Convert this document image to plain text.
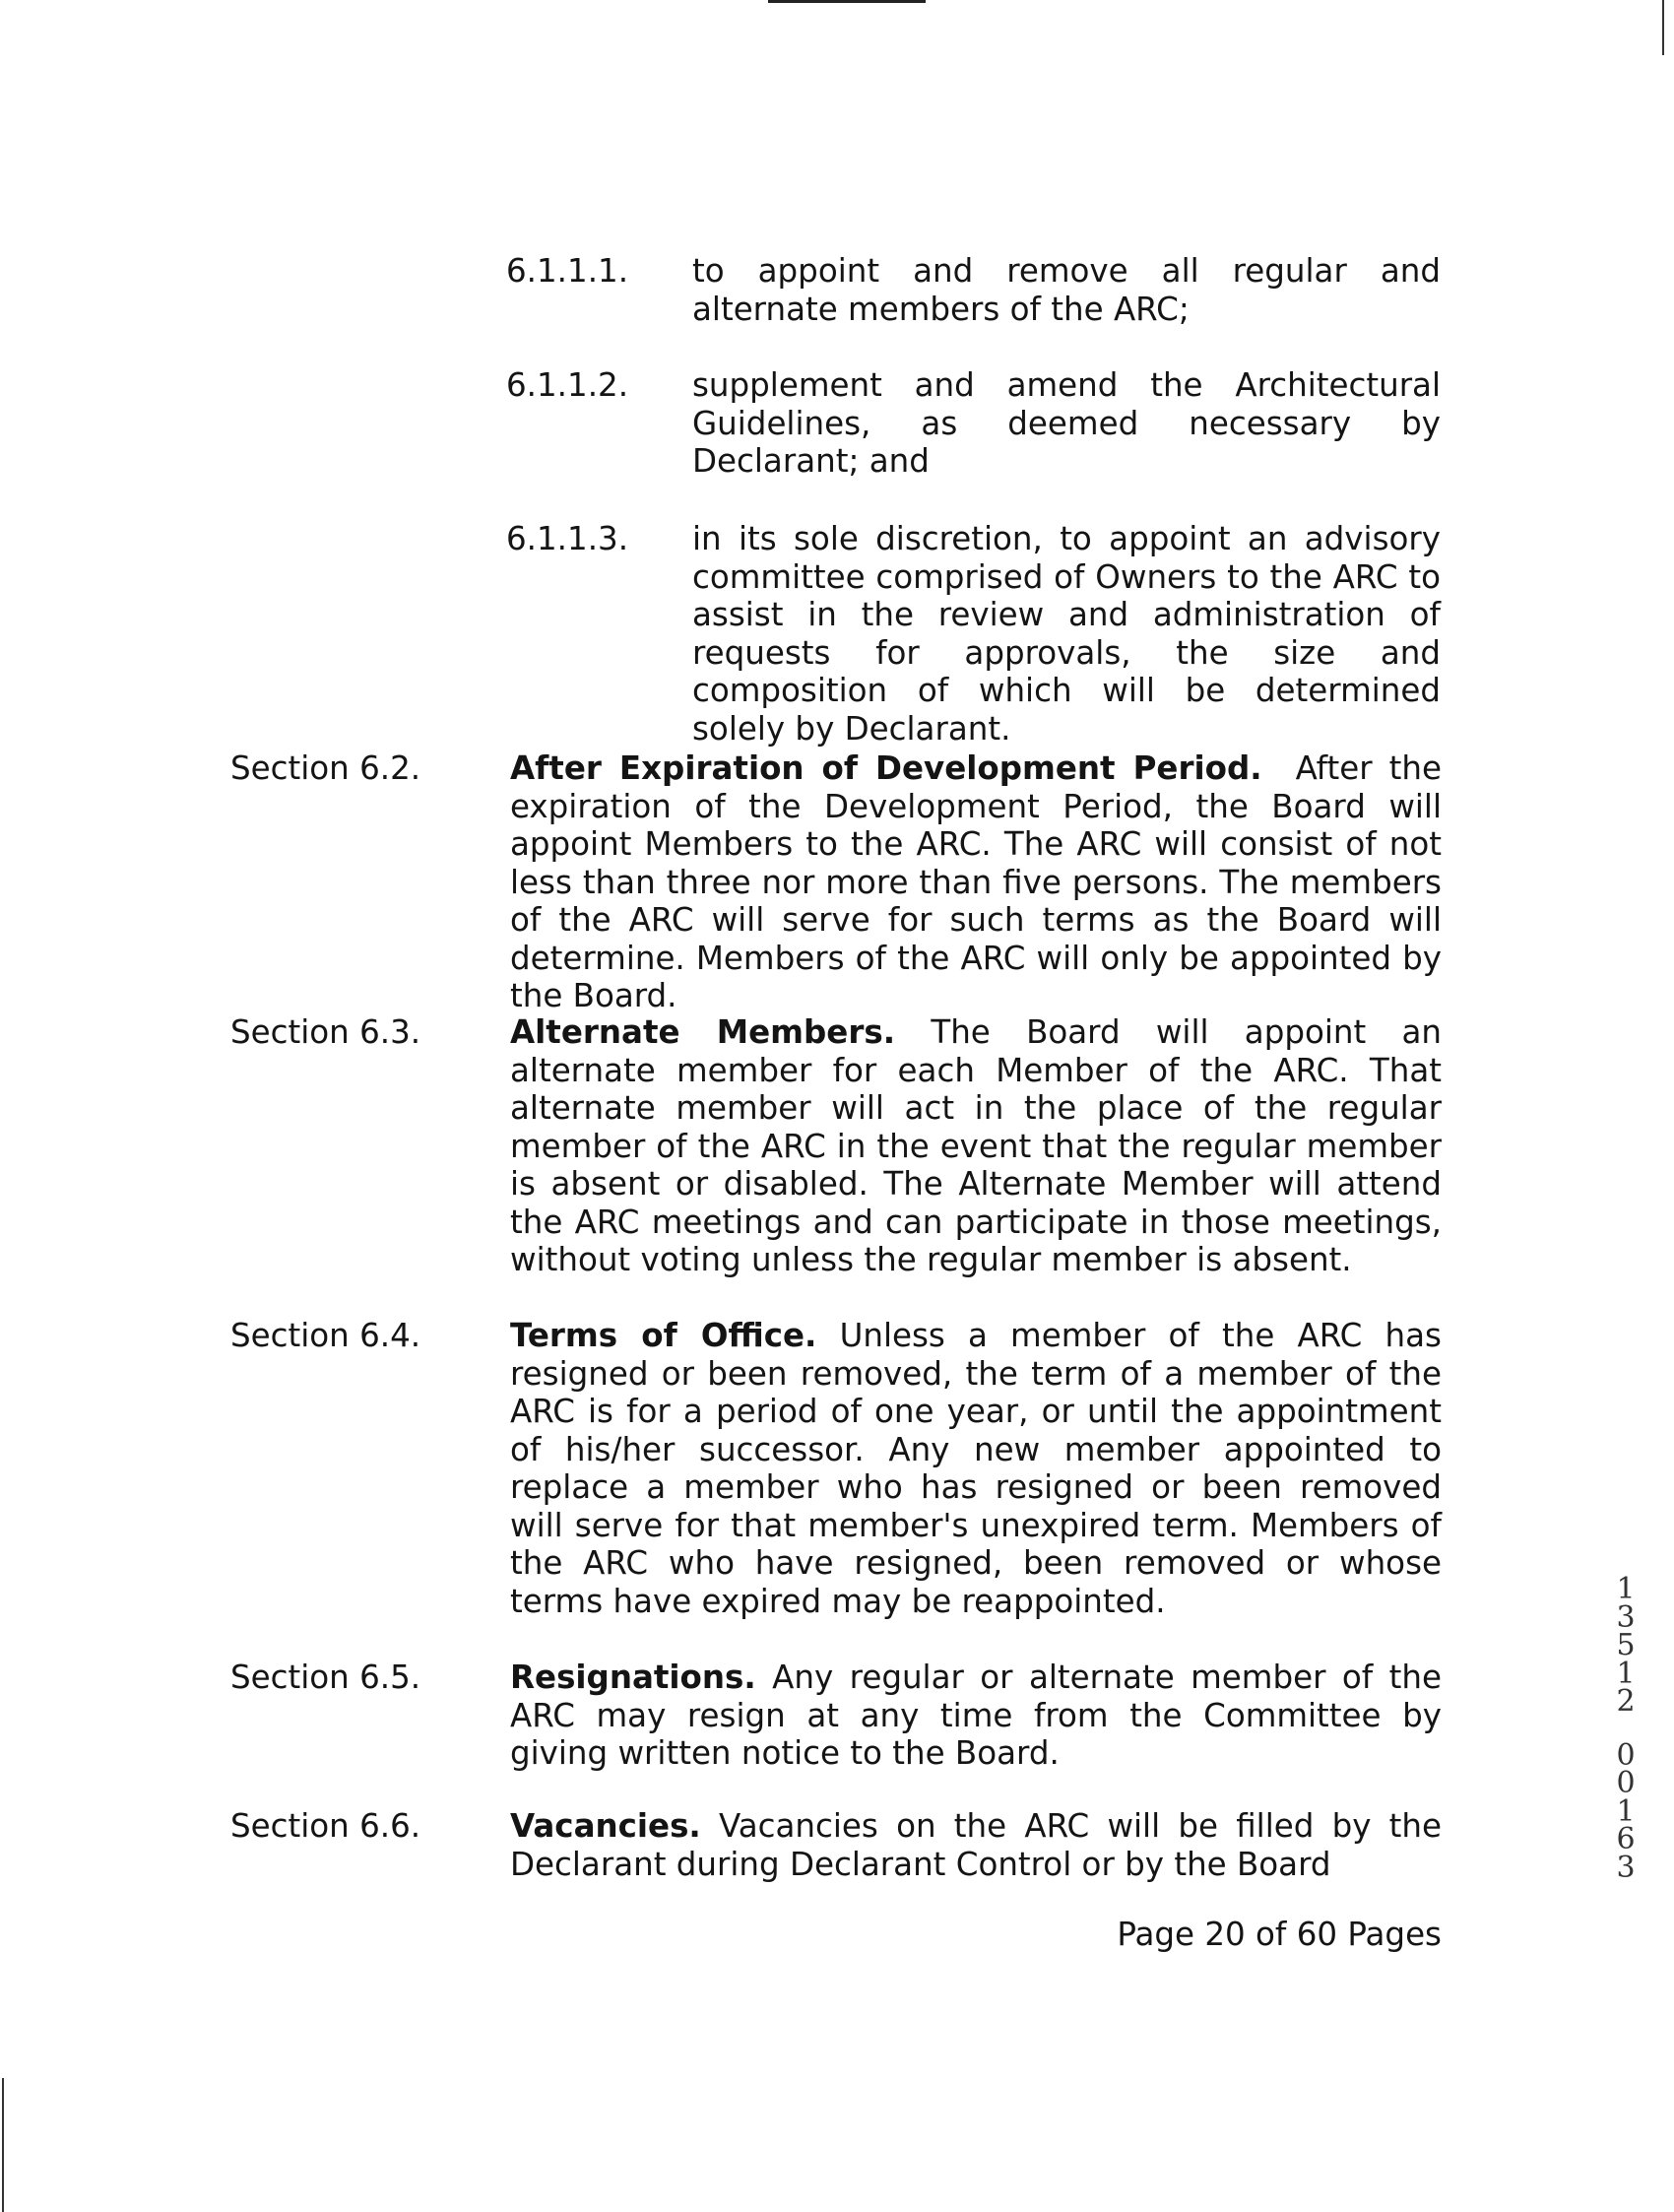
6.1.1.1.	to appoint and remove all regular and alternate members of the ARC;
6.1.1.2.	supplement and amend the Architectural Guidelines, as deemed necessary by Declarant; and
6.1.1.3.	in its sole discretion, to appoint an advisory committee comprised of Owners to the ARC to assist in the review and administration of requests for approvals, the size and composition of which will be determined solely by Declarant.
Section 6.2.	After Expiration of Development Period. After the expiration of the Development Period, the Board will appoint Members to the ARC. The ARC will consist of not less than three nor more than five persons. The members of the ARC will serve for such terms as the Board will determine. Members of the ARC will only be appointed by the Board.
Section 6.3.	Alternate Members. The Board will appoint an alternate member for each Member of the ARC. That alternate member will act in the place of the regular member of the ARC in the event that the regular member is absent or disabled. The Alternate Member will attend the ARC meetings and can participate in those meetings, without voting unless the regular member is absent.
Section 6.4.	Terms of Office. Unless a member of the ARC has resigned or been removed, the term of a member of the ARC is for a period of one year, or until the appointment of his/her successor. Any new member appointed to replace a member who has resigned or been removed will serve for that member's unexpired term. Members of the ARC who have resigned, been removed or whose terms have expired may be reappointed.
Section 6.5.	Resignations. Any regular or alternate member of the ARC may resign at any time from the Committee by giving written notice to the Board.
Section 6.6.	Vacancies. Vacancies on the ARC will be filled by the Declarant during Declarant Control or by the Board
Page 20 of 60 Pages
1
3
5
1
2
0
0
1
6
3
